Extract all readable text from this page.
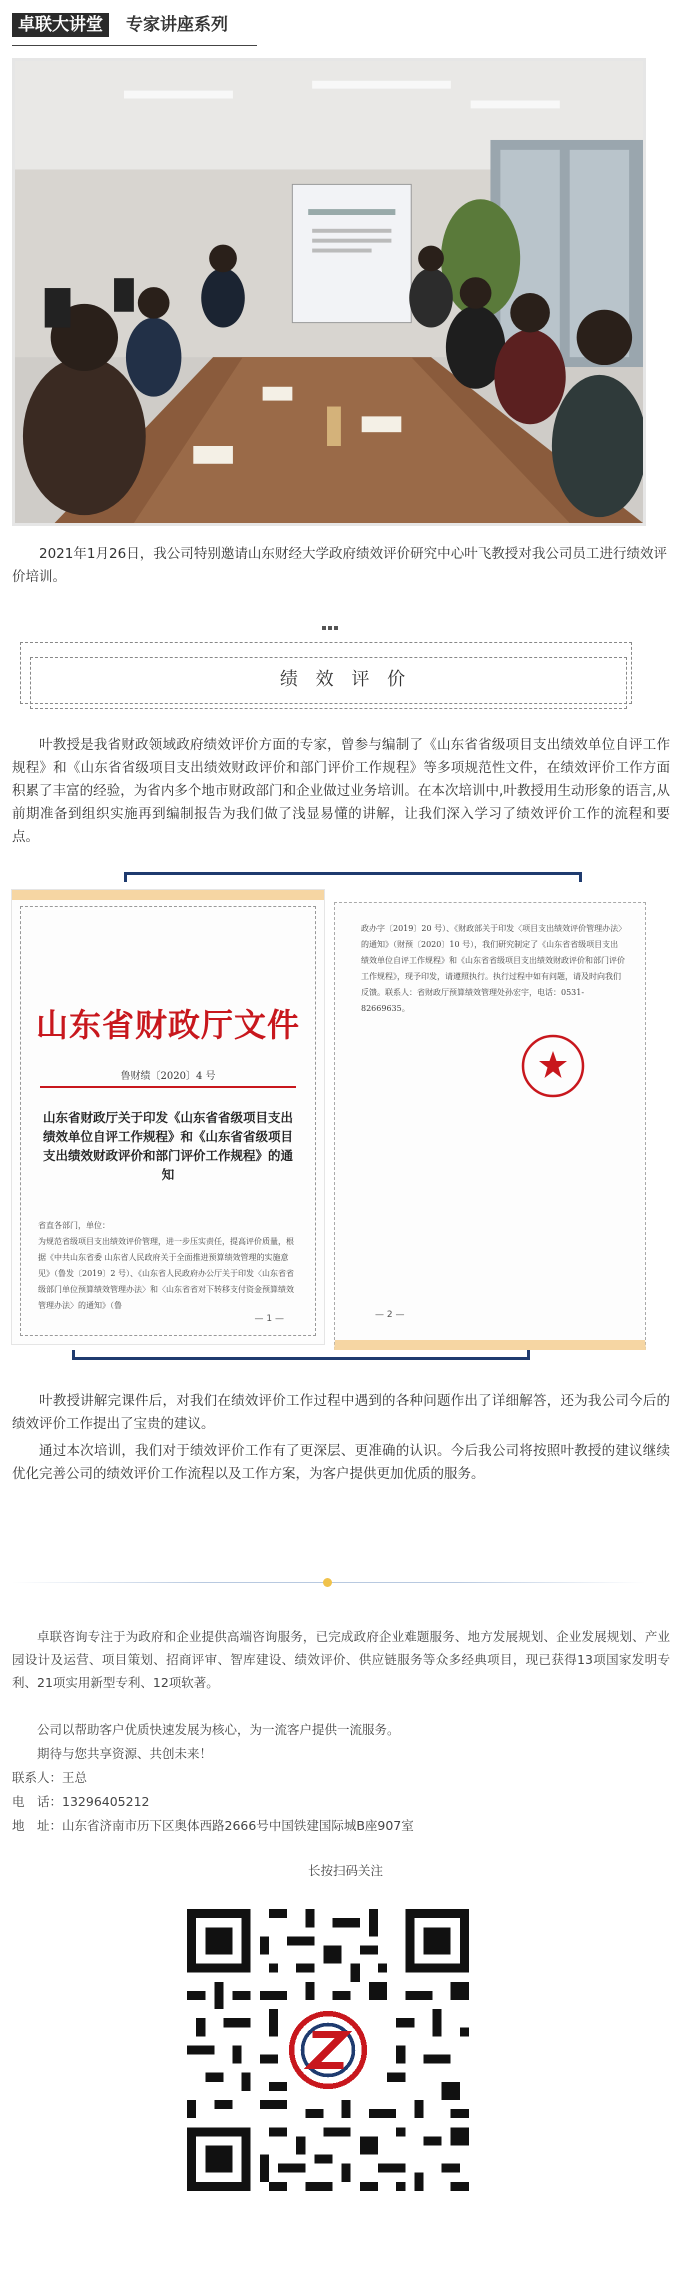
卓联大讲堂	专家讲座系列

2021年1月26日，我公司特别邀请山东财经大学政府绩效评价研究中心叶飞教授对我公司员工进行绩效评价培训。

绩 效 评 价

叶教授是我省财政领域政府绩效评价方面的专家，曾参与编制了《山东省省级项目支出绩效单位自评工作规程》和《山东省省级项目支出绩效财政评价和部门评价工作规程》等多项规范性文件，在绩效评价工作方面积累了丰富的经验，为省内多个地市财政部门和企业做过业务培训。在本次培训中,叶教授用生动形象的语言,从前期准备到组织实施再到编制报告为我们做了浅显易懂的讲解，让我们深入学习了绩效评价工作的流程和要点。

山东省财政厅文件
鲁财绩〔2020〕4 号
山东省财政厅关于印发《山东省省级项目支出绩效单位自评工作规程》和《山东省省级项目支出绩效财政评价和部门评价工作规程》的通知
省直各部门，单位：
为规范省级项目支出绩效评价管理，进一步压实责任，提高评价质量，根据《中共山东省委 山东省人民政府关于全面推进预算绩效管理的实施意见》（鲁发〔2019〕2 号）、《山东省人民政府办公厅关于印发〈山东省省级部门单位预算绩效管理办法〉和〈山东省省对下转移支付资金预算绩效管理办法〉的通知》（鲁
— 1 —
政办字〔2019〕20 号）、《财政部关于印发〈项目支出绩效评价管理办法〉的通知》（财预〔2020〕10 号），我们研究制定了《山东省省级项目支出绩效单位自评工作规程》和《山东省省级项目支出绩效财政评价和部门评价工作规程》，现予印发，请遵照执行。执行过程中如有问题，请及时向我们反馈。联系人：省财政厅预算绩效管理处孙宏宇，电话：0531-82669635。
— 2 —

叶教授讲解完课件后，对我们在绩效评价工作过程中遇到的各种问题作出了详细解答，还为我公司今后的绩效评价工作提出了宝贵的建议。

通过本次培训，我们对于绩效评价工作有了更深层、更准确的认识。今后我公司将按照叶教授的建议继续优化完善公司的绩效评价工作流程以及工作方案，为客户提供更加优质的服务。

卓联咨询专注于为政府和企业提供高端咨询服务，已完成政府企业难题服务、地方发展规划、企业发展规划、产业园设计及运营、项目策划、招商评审、智库建设、绩效评价、供应链服务等众多经典项目，现已获得13项国家发明专利、21项实用新型专利、12项软著。

公司以帮助客户优质快速发展为核心，为一流客户提供一流服务。

期待与您共享资源、共创未来！

联系人：王总

电　话：13296405212

地　址：山东省济南市历下区奥体西路2666号中国铁建国际城B座907室

长按扫码关注
